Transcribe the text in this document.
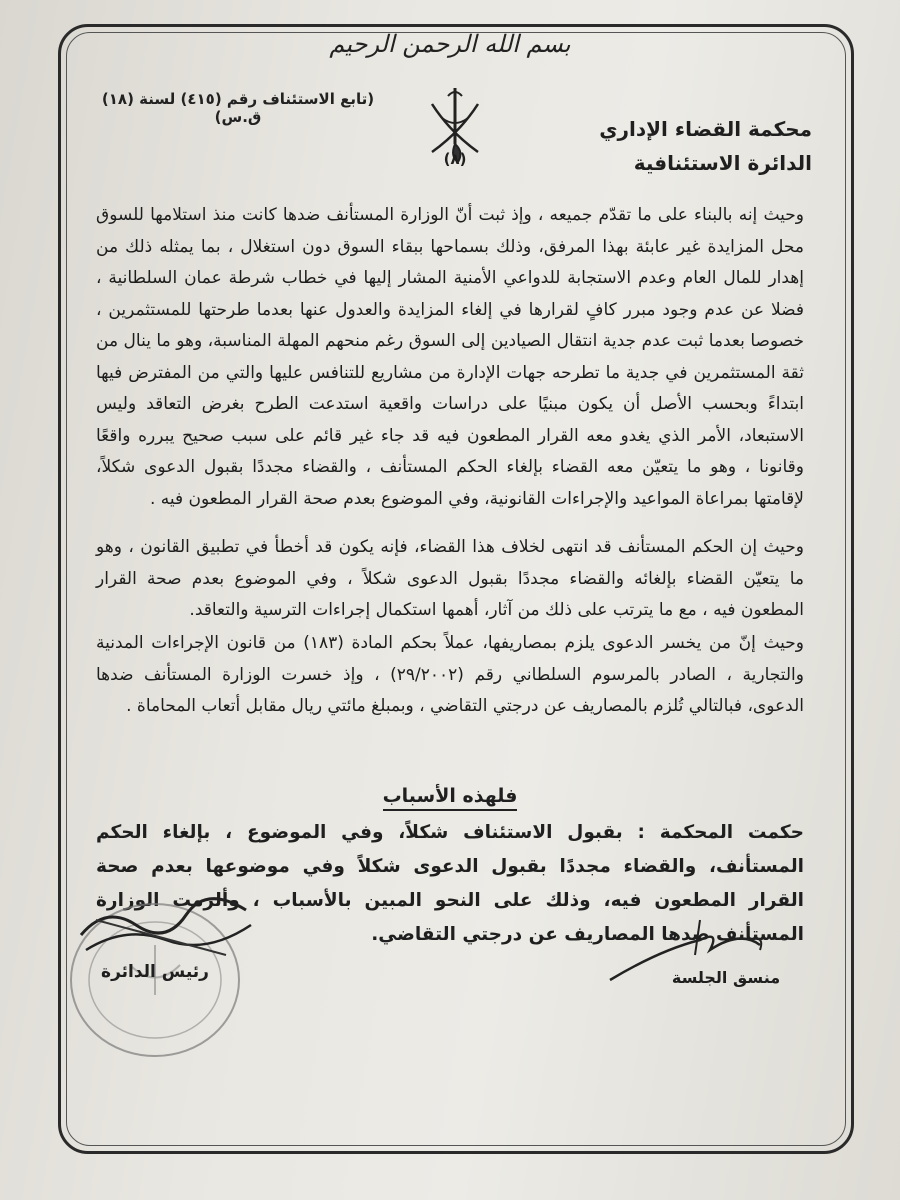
بسم الله الرحمن الرحيم
محكمة القضاء الإداري
الدائرة الاستئنافية
(تابع الاستئناف رقم (٤١٥) لسنة (١٨) ق.س)
(٨)

وحيث إنه بالبناء على ما تقدّم جميعه ، وإذ ثبت أنّ الوزارة المستأنف ضدها كانت منذ استلامها للسوق محل المزايدة غير عابئة بهذا المرفق، وذلك بسماحها ببقاء السوق دون استغلال ، بما يمثله ذلك من إهدار للمال العام وعدم الاستجابة للدواعي الأمنية المشار إليها في خطاب شرطة عمان السلطانية ، فضلا عن عدم وجود مبرر كافٍ لقرارها في إلغاء المزايدة والعدول عنها بعدما طرحتها للمستثمرين ، خصوصا بعدما ثبت عدم جدية انتقال الصيادين إلى السوق رغم منحهم المهلة المناسبة، وهو ما ينال من ثقة المستثمرين في جدية ما تطرحه جهات الإدارة من مشاريع للتنافس عليها والتي من المفترض فيها ابتداءً وبحسب الأصل أن يكون مبنيًا على دراسات واقعية استدعت الطرح بغرض التعاقد وليس الاستبعاد، الأمر الذي يغدو معه القرار المطعون فيه قد جاء غير قائم على سبب صحيح يبرره واقعًا وقانونا ، وهو ما يتعيّن معه القضاء بإلغاء الحكم المستأنف ، والقضاء مجددًا بقبول الدعوى شكلاً، لإقامتها بمراعاة المواعيد والإجراءات القانونية، وفي الموضوع بعدم صحة القرار المطعون فيه .

وحيث إن الحكم المستأنف قد انتهى لخلاف هذا القضاء، فإنه يكون قد أخطأ في تطبيق القانون ، وهو ما يتعيّن القضاء بإلغائه والقضاء مجددًا بقبول الدعوى شكلاً ، وفي الموضوع بعدم صحة القرار المطعون فيه ، مع ما يترتب على ذلك من آثار، أهمها استكمال إجراءات الترسية والتعاقد.

وحيث إنّ من يخسر الدعوى يلزم بمصاريفها، عملاً بحكم المادة (١٨٣) من قانون الإجراءات المدنية والتجارية ، الصادر بالمرسوم السلطاني رقم (٢٩/٢٠٠٢) ، وإذ خسرت الوزارة المستأنف ضدها الدعوى، فبالتالي تُلزم بالمصاريف عن درجتي التقاضي ، وبمبلغ مائتي ريال مقابل أتعاب المحاماة .

فلهذه الأسباب

حكمت المحكمة : بقبول الاستئناف شكلاً، وفي الموضوع ، بإلغاء الحكم المستأنف، والقضاء مجددًا بقبول الدعوى شكلاً وفي موضوعها بعدم صحة القرار المطعون فيه، وذلك على النحو المبين بالأسباب ، وألزمت الوزارة المستأنف ضدها المصاريف عن درجتي التقاضي.

رئيس الدائرة	منسق الجلسة
